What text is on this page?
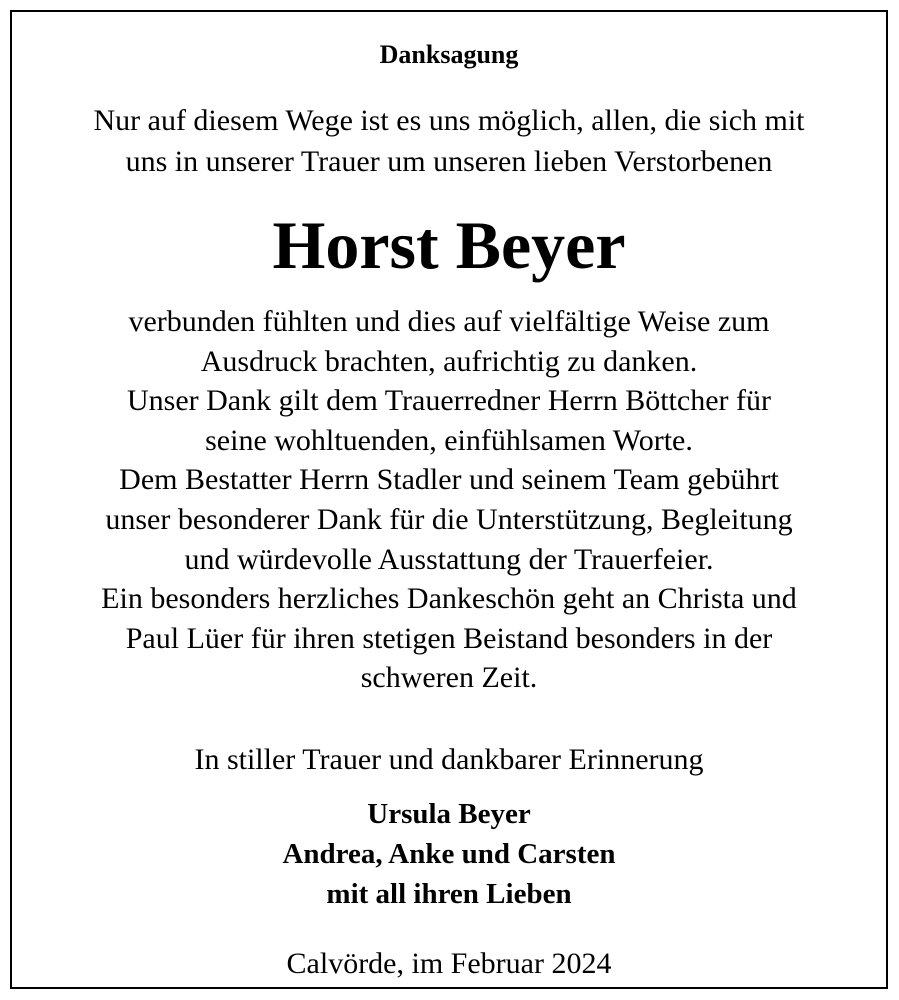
Danksagung
Nur auf diesem Wege ist es uns möglich, allen, die sich mit
uns in unserer Trauer um unseren lieben Verstorbenen
Horst Beyer
verbunden fühlten und dies auf vielfältige Weise zum
Ausdruck brachten, aufrichtig zu danken.
Unser Dank gilt dem Trauerredner Herrn Böttcher für
seine wohltuenden, einfühlsamen Worte.
Dem Bestatter Herrn Stadler und seinem Team gebührt
unser besonderer Dank für die Unterstützung, Begleitung
und würdevolle Ausstattung der Trauerfeier.
Ein besonders herzliches Dankeschön geht an Christa und
Paul Lüer für ihren stetigen Beistand besonders in der
schweren Zeit.
In stiller Trauer und dankbarer Erinnerung
Ursula Beyer
Andrea, Anke und Carsten
mit all ihren Lieben
Calvörde, im Februar 2024
